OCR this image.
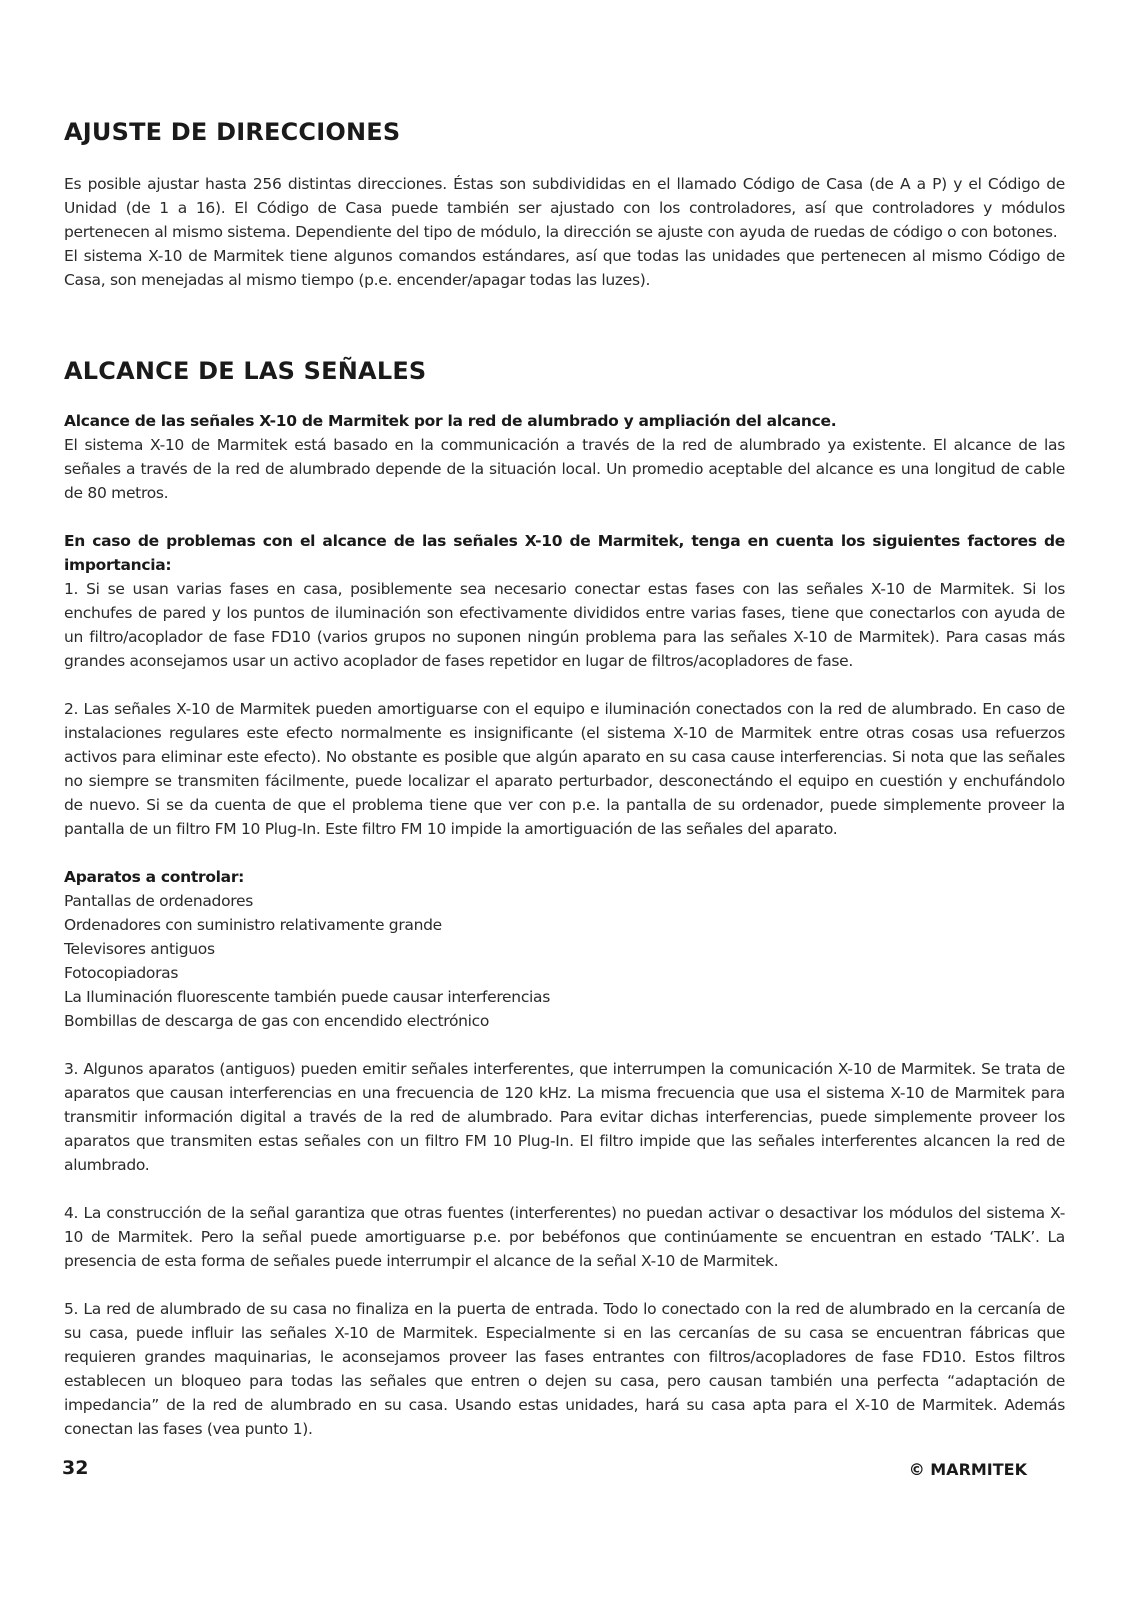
AJUSTE DE DIRECCIONES

Es posible ajustar hasta 256 distintas direcciones. Éstas son subdivididas en el llamado Código de Casa (de A a P) y el Código de Unidad (de 1 a 16). El Código de Casa puede también ser ajustado con los controladores, así que controladores y módulos pertenecen al mismo sistema. Dependiente del tipo de módulo, la dirección se ajuste con ayuda de ruedas de código o con botones.

El sistema X-10 de Marmitek tiene algunos comandos estándares, así que todas las unidades que pertenecen al mismo Código de Casa, son menejadas al mismo tiempo (p.e. encender/apagar todas las luzes).

ALCANCE DE LAS SEÑALES

Alcance de las señales X-10 de Marmitek por la red de alumbrado y ampliación del alcance.

El sistema X-10 de Marmitek está basado en la communicación a través de la red de alumbrado ya existente. El alcance de las señales a través de la red de alumbrado depende de la situación local. Un promedio aceptable del alcance es una longitud de cable de 80 metros.

En caso de problemas con el alcance de las señales X-10 de Marmitek, tenga en cuenta los siguientes factores de importancia:

1. Si se usan varias fases en casa, posiblemente sea necesario conectar estas fases con las señales X-10 de Marmitek. Si los enchufes de pared y los puntos de iluminación son efectivamente divididos entre varias fases, tiene que conectarlos con ayuda de un filtro/acoplador de fase FD10 (varios grupos no suponen ningún problema para las señales X-10 de Marmitek). Para casas más grandes aconsejamos usar un activo acoplador de fases repetidor en lugar de filtros/acopladores de fase.

2. Las señales X-10 de Marmitek pueden amortiguarse con el equipo e iluminación conectados con la red de alumbrado. En caso de instalaciones regulares este efecto normalmente es insignificante (el sistema X-10 de Marmitek entre otras cosas usa refuerzos activos para eliminar este efecto). No obstante es posible que algún aparato en su casa cause interferencias. Si nota que las señales no siempre se transmiten fácilmente, puede localizar el aparato perturbador, desconectándo el equipo en cuestión y enchufándolo de nuevo. Si se da cuenta de que el problema tiene que ver con p.e. la pantalla de su ordenador, puede simplemente proveer la pantalla de un filtro FM 10 Plug-In. Este filtro FM 10 impide la amortiguación de las señales del aparato.

Aparatos a controlar:

Pantallas de ordenadores
Ordenadores con suministro relativamente grande
Televisores antiguos
Fotocopiadoras
La Iluminación fluorescente también puede causar interferencias
Bombillas de descarga de gas con encendido electrónico

3. Algunos aparatos (antiguos) pueden emitir señales interferentes, que interrumpen la comunicación X-10 de Marmitek. Se trata de aparatos que causan interferencias en una frecuencia de 120 kHz. La misma frecuencia que usa el sistema X-10 de Marmitek para transmitir información digital a través de la red de alumbrado. Para evitar dichas interferencias, puede simplemente proveer los aparatos que transmiten estas señales con un filtro FM 10 Plug-In. El filtro impide que las señales interferentes alcancen la red de alumbrado.

4. La construcción de la señal garantiza que otras fuentes (interferentes) no puedan activar o desactivar los módulos del sistema X-10 de Marmitek. Pero la señal puede amortiguarse p.e. por bebéfonos que continúamente se encuentran en estado ‘TALK’. La presencia de esta forma de señales puede interrumpir el alcance de la señal X-10 de Marmitek.

5. La red de alumbrado de su casa no finaliza en la puerta de entrada. Todo lo conectado con la red de alumbrado en la cercanía de su casa, puede influir las señales X-10 de Marmitek. Especialmente si en las cercanías de su casa se encuentran fábricas que requieren grandes maquinarias, le aconsejamos proveer las fases entrantes con filtros/acopladores de fase FD10. Estos filtros establecen un bloqueo para todas las señales que entren o dejen su casa, pero causan también una perfecta “adaptación de impedancia” de la red de alumbrado en su casa. Usando estas unidades, hará su casa apta para el X-10 de Marmitek. Además conectan las fases (vea punto 1).

32	© MARMITEK
